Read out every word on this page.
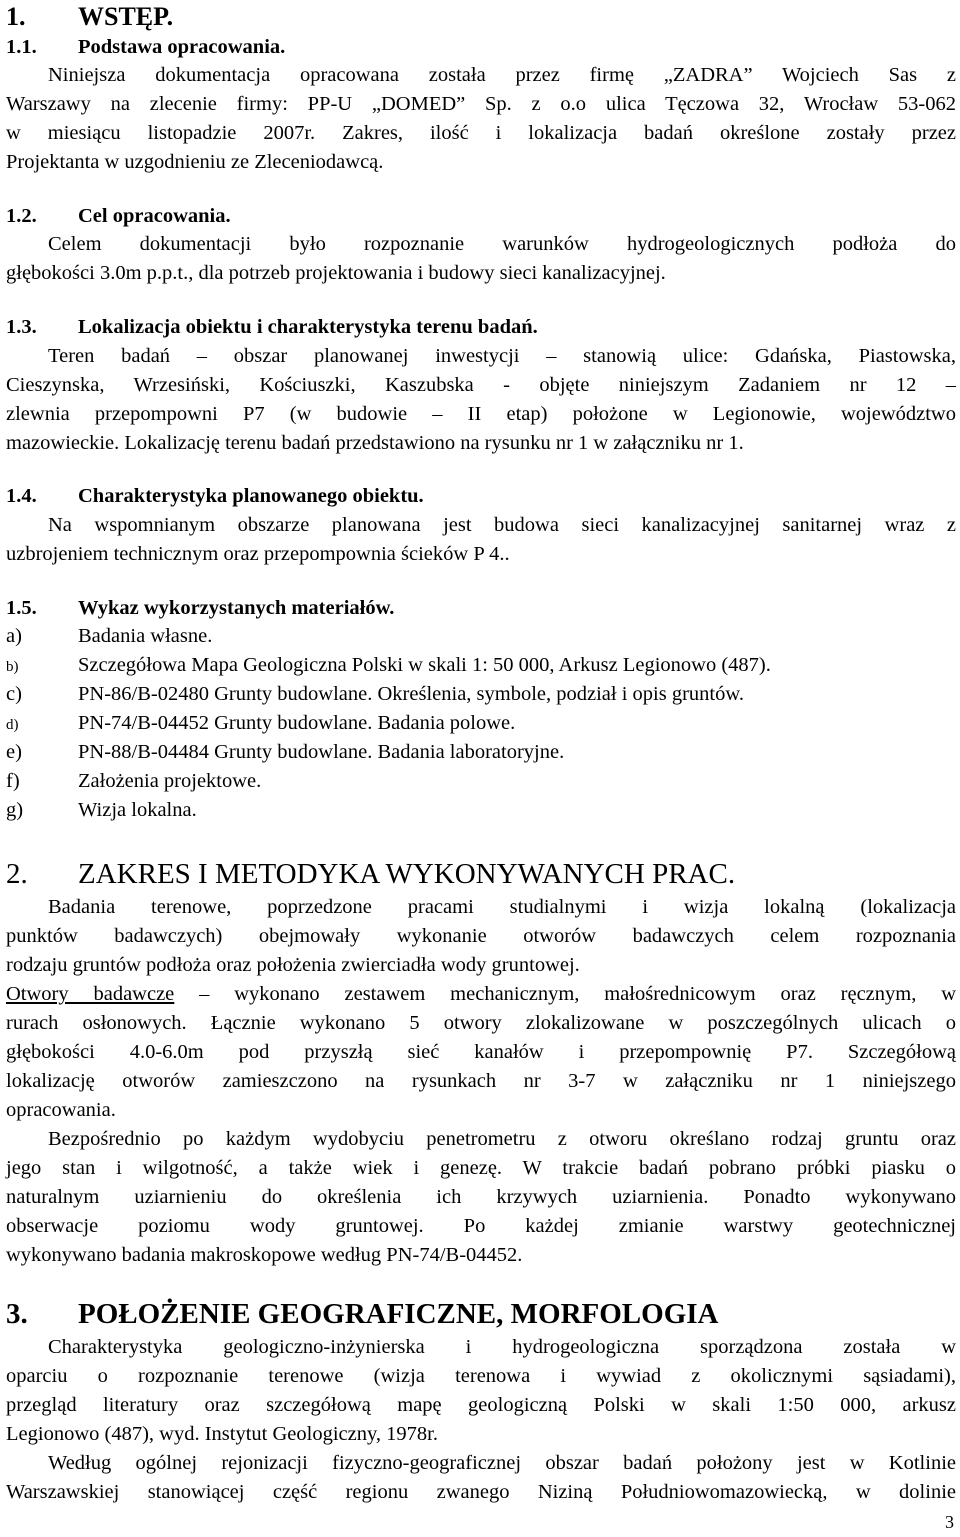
1. WSTĘP.
1.1. Podstawa opracowania.
Niniejsza dokumentacja opracowana została przez firmę „ZADRA” Wojciech Sas z
Warszawy na zlecenie firmy: PP-U „DOMED” Sp. z o.o ulica Tęczowa 32, Wrocław 53-062
w miesiącu listopadzie 2007r. Zakres, ilość i lokalizacja badań określone zostały przez
Projektanta w uzgodnieniu ze Zleceniodawcą.
1.2. Cel opracowania.
Celem dokumentacji było rozpoznanie warunków hydrogeologicznych podłoża do
głębokości 3.0m p.p.t., dla potrzeb projektowania i budowy sieci kanalizacyjnej.
1.3. Lokalizacja obiektu i charakterystyka terenu badań.
Teren badań – obszar planowanej inwestycji – stanowią ulice: Gdańska, Piastowska,
Cieszynska, Wrzesiński, Kościuszki, Kaszubska - objęte niniejszym Zadaniem nr 12 –
zlewnia przepompowni P7 (w budowie – II etap) położone w Legionowie, województwo
mazowieckie. Lokalizację terenu badań przedstawiono na rysunku nr 1 w załączniku nr 1.
1.4. Charakterystyka planowanego obiektu.
Na wspomnianym obszarze planowana jest budowa sieci kanalizacyjnej sanitarnej wraz z
uzbrojeniem technicznym oraz przepompownia ścieków P 4..
1.5. Wykaz wykorzystanych materiałów.
a)	Badania własne.
b)	Szczegółowa Mapa Geologiczna Polski w skali 1: 50 000, Arkusz Legionowo (487).
c)	PN-86/B-02480 Grunty budowlane. Określenia, symbole, podział i opis gruntów.
d)	PN-74/B-04452 Grunty budowlane. Badania polowe.
e)	PN-88/B-04484 Grunty budowlane. Badania laboratoryjne.
f)	Założenia projektowe.
g)	Wizja lokalna.
2. ZAKRES I METODYKA WYKONYWANYCH PRAC.
Badania terenowe, poprzedzone pracami studialnymi i wizja lokalną (lokalizacja
punktów badawczych) obejmowały wykonanie otworów badawczych celem rozpoznania
rodzaju gruntów podłoża oraz położenia zwierciadła wody gruntowej.
Otwory badawcze – wykonano zestawem mechanicznym, małośrednicowym oraz ręcznym, w
rurach osłonowych. Łącznie wykonano 5 otwory zlokalizowane w poszczególnych ulicach o
głębokości 4.0-6.0m pod przyszłą sieć kanałów i przepompownię P7. Szczegółową
lokalizację otworów zamieszczono na rysunkach nr 3-7 w załączniku nr 1 niniejszego
opracowania.
Bezpośrednio po każdym wydobyciu penetrometru z otworu określano rodzaj gruntu oraz
jego stan i wilgotność, a także wiek i genezę. W trakcie badań pobrano próbki piasku o
naturalnym uziarnieniu do określenia ich krzywych uziarnienia. Ponadto wykonywano
obserwacje poziomu wody gruntowej. Po każdej zmianie warstwy geotechnicznej
wykonywano badania makroskopowe według PN-74/B-04452.
3. POŁOŻENIE GEOGRAFICZNE, MORFOLOGIA
Charakterystyka geologiczno-inżynierska i hydrogeologiczna sporządzona została w
oparciu o rozpoznanie terenowe (wizja terenowa i wywiad z okolicznymi sąsiadami),
przegląd literatury oraz szczegółową mapę geologiczną Polski w skali 1:50 000, arkusz
Legionowo (487), wyd. Instytut Geologiczny, 1978r.
Według ogólnej rejonizacji fizyczno-geograficznej obszar badań położony jest w Kotlinie
Warszawskiej stanowiącej część regionu zwanego Niziną Południowomazowiecką, w dolinie
3
